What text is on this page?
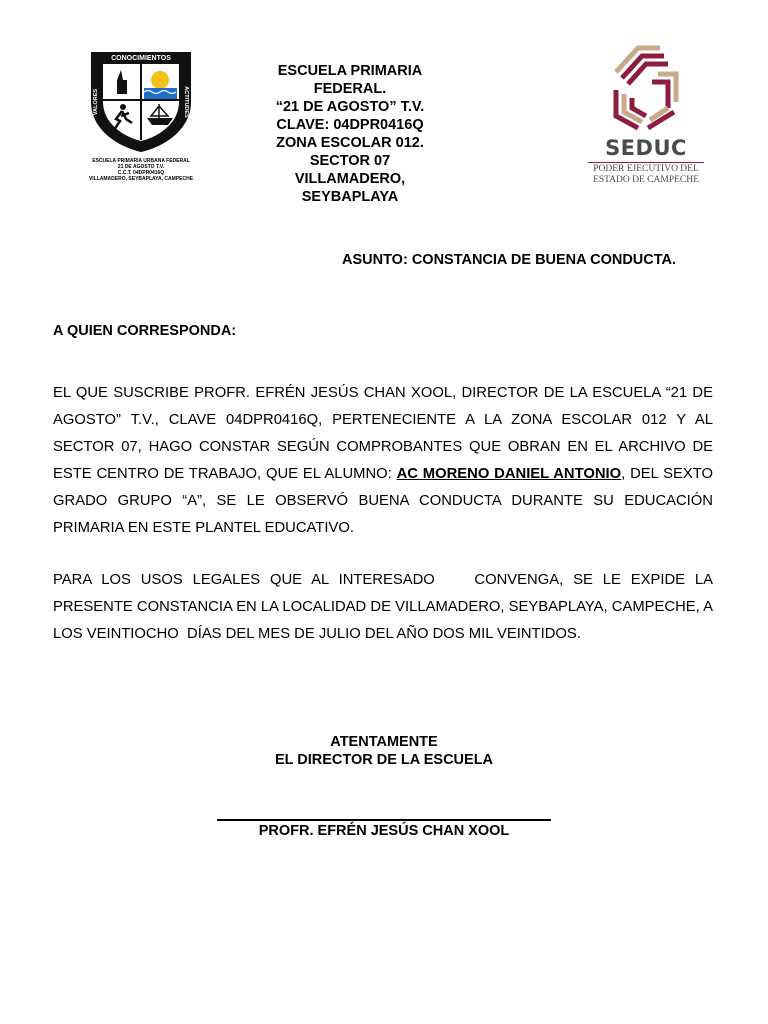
CONOCIMIENTOS
VALORES	ACTITUDES
ESCUELA PRIMARIA URBANA FEDERAL
21 DE AGOSTO T.V.
C.C.T. 04DPR0416Q
VILLAMADERO, SEYBAPLAYA, CAMPECHE
ESCUELA PRIMARIA
FEDERAL.
“21 DE AGOSTO” T.V.
CLAVE: 04DPR0416Q
ZONA ESCOLAR 012.
SECTOR 07
VILLAMADERO,
SEYBAPLAYA
SEDUC
PODER EJECUTIVO DEL
ESTADO DE CAMPECHE
ASUNTO: CONSTANCIA DE BUENA CONDUCTA.
A QUIEN CORRESPONDA:

EL QUE SUSCRIBE PROFR. EFRÉN JESÚS CHAN XOOL, DIRECTOR DE LA ESCUELA “21 DE AGOSTO” T.V., CLAVE 04DPR0416Q, PERTENECIENTE A LA ZONA ESCOLAR 012 Y AL SECTOR 07, HAGO CONSTAR SEGÚN COMPROBANTES QUE OBRAN EN EL ARCHIVO DE ESTE CENTRO DE TRABAJO, QUE EL ALUMNO: AC MORENO DANIEL ANTONIO, DEL SEXTO GRADO GRUPO “A”, SE LE OBSERVÓ BUENA CONDUCTA DURANTE SU EDUCACIÓN PRIMARIA EN ESTE PLANTEL EDUCATIVO.

PARA LOS USOS LEGALES QUE AL INTERESADO    CONVENGA, SE LE EXPIDE LA PRESENTE CONSTANCIA EN LA LOCALIDAD DE VILLAMADERO, SEYBAPLAYA, CAMPECHE, A LOS VEINTIOCHO  DÍAS DEL MES DE JULIO DEL AÑO DOS MIL VEINTIDOS.

ATENTAMENTE
EL DIRECTOR DE LA ESCUELA
PROFR. EFRÉN JESÚS CHAN XOOL
